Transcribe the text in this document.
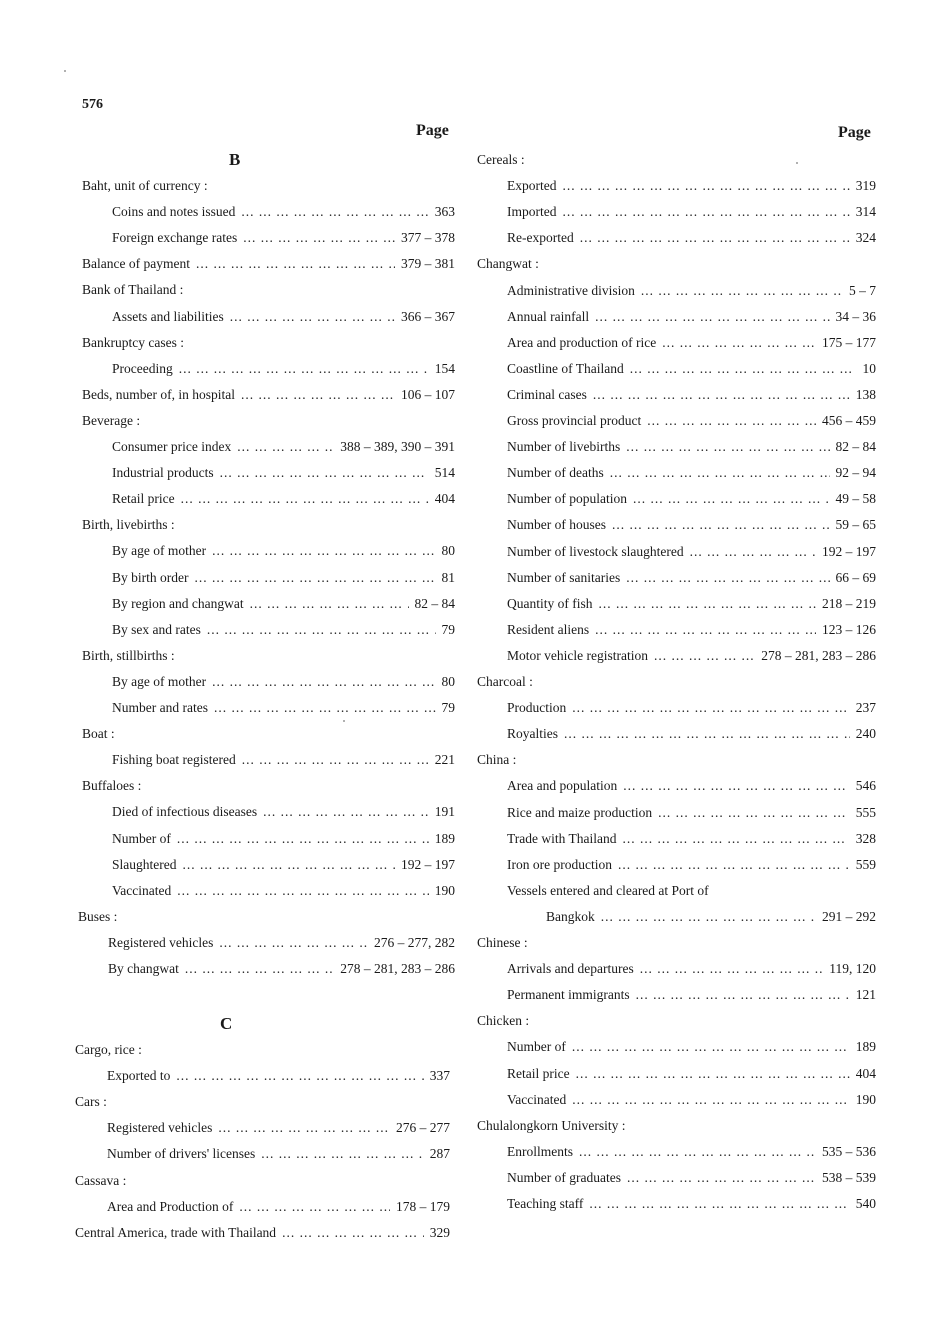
576
Page
B
Baht, unit of currency :
Coins and notes issued ... .	363
Foreign exchange rates ... .	377 – 378
Balance of payment ... .	379 – 381
Bank of Thailand :
Assets and liabilities ... .	366 – 367
Bankruptcy cases :
Proceeding ... .	154
Beds, number of, in hospital ... .	106 – 107
Beverage :
Consumer price index ... .	388 – 389, 390 – 391
Industrial products ... .	514
Retail price ... .	404
Birth, livebirths :
By age of mother ... .	80
By birth order ... .	81
By region and changwat ... .	82 – 84
By sex and rates ... .	79
Birth, stillbirths :
By age of mother ... .	80
Number and rates ... .	79
Boat :
Fishing boat registered ... .	221
Buffaloes :
Died of infectious diseases ... .	191
Number of ... .	189
Slaughtered ... .	192 – 197
Vaccinated ... .	190
Buses :
Registered vehicles ... .	276 – 277, 282
By changwat ... .	278 – 281, 283 – 286
C
Cargo, rice :
Exported to ... .	337
Cars :
Registered vehicles ... .	276 – 277
Number of drivers' licenses ... .	287
Cassava :
Area and Production of ... .	178 – 179
Central America, trade with Thailand ... .	329
Page
Cereals :
Exported ... .	319
Imported ... .	314
Re-exported ... .	324
Changwat :
Administrative division ... .	5 – 7
Annual rainfall ... .	34 – 36
Area and production of rice ... .	175 – 177
Coastline of Thailand ... .	10
Criminal cases ... .	138
Gross provincial product ... .	456 – 459
Number of livebirths ... .	82 – 84
Number of deaths ... .	92 – 94
Number of population ... .	49 – 58
Number of houses ... .	59 – 65
Number of livestock slaughtered ... .	192 – 197
Number of sanitaries ... .	66 – 69
Quantity of fish ... .	218 – 219
Resident aliens ... .	123 – 126
Motor vehicle registration ... .	278 – 281, 283 – 286
Charcoal :
Production ... .	237
Royalties ... .	240
China :
Area and population ... .	546
Rice and maize production ... .	555
Trade with Thailand ... .	328
Iron ore production ... .	559
Vessels entered and cleared at Port of
Bangkok ... .	291 – 292
Chinese :
Arrivals and departures ... .	119, 120
Permanent immigrants ... .	121
Chicken :
Number of ... .	189
Retail price ... .	404
Vaccinated ... .	190
Chulalongkorn University :
Enrollments ... .	535 – 536
Number of graduates ... .	538 – 539
Teaching staff ... .	540
